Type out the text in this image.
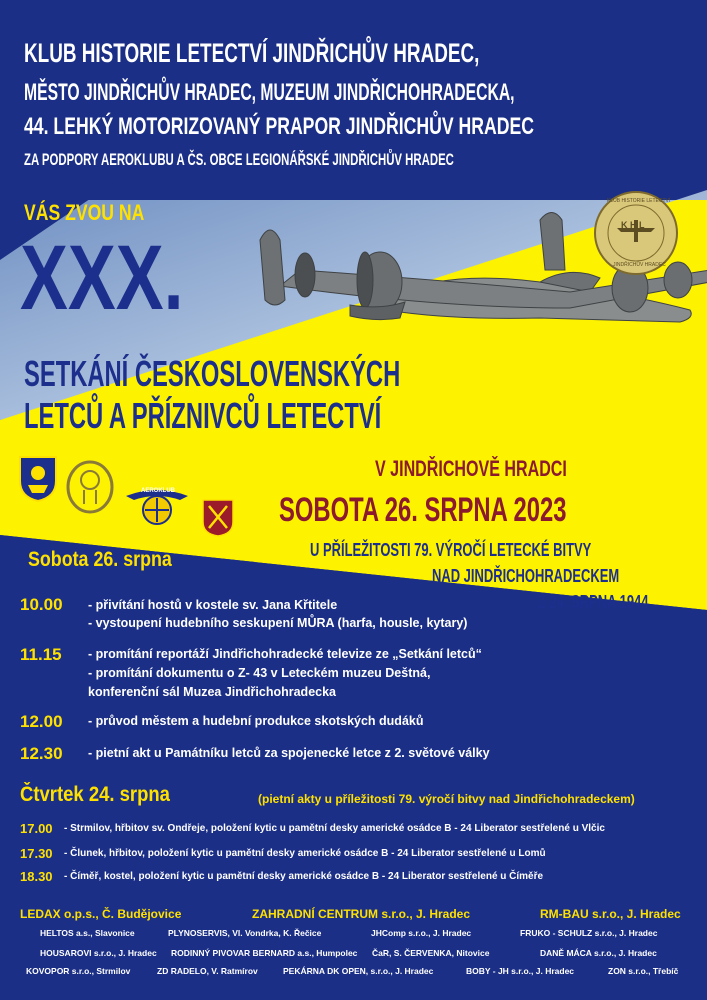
K H L
KLUB HISTORIE LETECTVÍ
JINDŘICHŮV HRADEC
KLUB HISTORIE LETECTVÍ JINDŘICHŮV HRADEC,
MĚSTO JINDŘICHŮV HRADEC, MUZEUM JINDŘICHOHRADECKA,
44. LEHKÝ MOTORIZOVANÝ PRAPOR JINDŘICHŮV HRADEC
ZA PODPORY AEROKLUBU A ČS. OBCE LEGIONÁŘSKÉ JINDŘICHŮV HRADEC
VÁS ZVOU NA
XXX.
SETKÁNÍ ČESKOSLOVENSKÝCH
LETCŮ A PŘÍZNIVCŮ LETECTVÍ
V JINDŘICHOVĚ HRADCI
SOBOTA 26. SRPNA 2023
U PŘÍLEŽITOSTI 79. VÝROČÍ LETECKÉ BITVY
NAD JINDŘICHOHRADECKEM
Z 24. SRPNA 1944
AEROKLUB
Sobota 26. srpna
10.00	- přivítání hostů v kostele sv. Jana Křtitele
- vystoupení hudebního seskupení MŮRA (harfa, housle, kytary)
11.15	- promítání reportáží Jindřichohradecké televize ze „Setkání letců“
- promítání dokumentu o Z- 43 v Leteckém muzeu Deštná,
konferenční sál Muzea Jindřichohradecka
12.00	- průvod městem a hudební produkce skotských dudáků
12.30	- pietní akt u Památníku letců za spojenecké letce z 2. světové války
Čtvrtek 24. srpna	(pietní akty u příležitosti 79. výročí bitvy nad Jindřichohradeckem)
17.00 - Strmilov, hřbitov sv. Ondřeje, položení kytic u pamětní desky americké osádce B - 24 Liberator sestřelené u Vlčic
17.30 - Člunek, hřbitov, položení kytic u pamětní desky americké osádce B - 24 Liberator sestřelené u Lomů
18.30 - Číměř, kostel, položení kytic u pamětní desky americké osádce B - 24 Liberator sestřelené u Číměře
LEDAX o.p.s., Č. Budějovice	ZAHRADNÍ CENTRUM s.r.o., J. Hradec	RM-BAU s.r.o., J. Hradec
HELTOS a.s., Slavonice	PLYNOSERVIS, Vl. Vondrka, K. Řečice	JHComp s.r.o., J. Hradec	FRUKO - SCHULZ s.r.o., J. Hradec
HOUSAROVI s.r.o., J. Hradec RODINNÝ PIVOVAR BERNARD a.s., Humpolec ČaR, S. ČERVENKA, Nitovice	DANĚ MÁCA s.r.o., J. Hradec
KOVOPOR s.r.o., Strmilov	ZD RADELO, V. Ratmírov	PEKÁRNA DK OPEN, s.r.o., J. Hradec	BOBY - JH s.r.o., J. Hradec	ZON s.r.o., Třebíč
